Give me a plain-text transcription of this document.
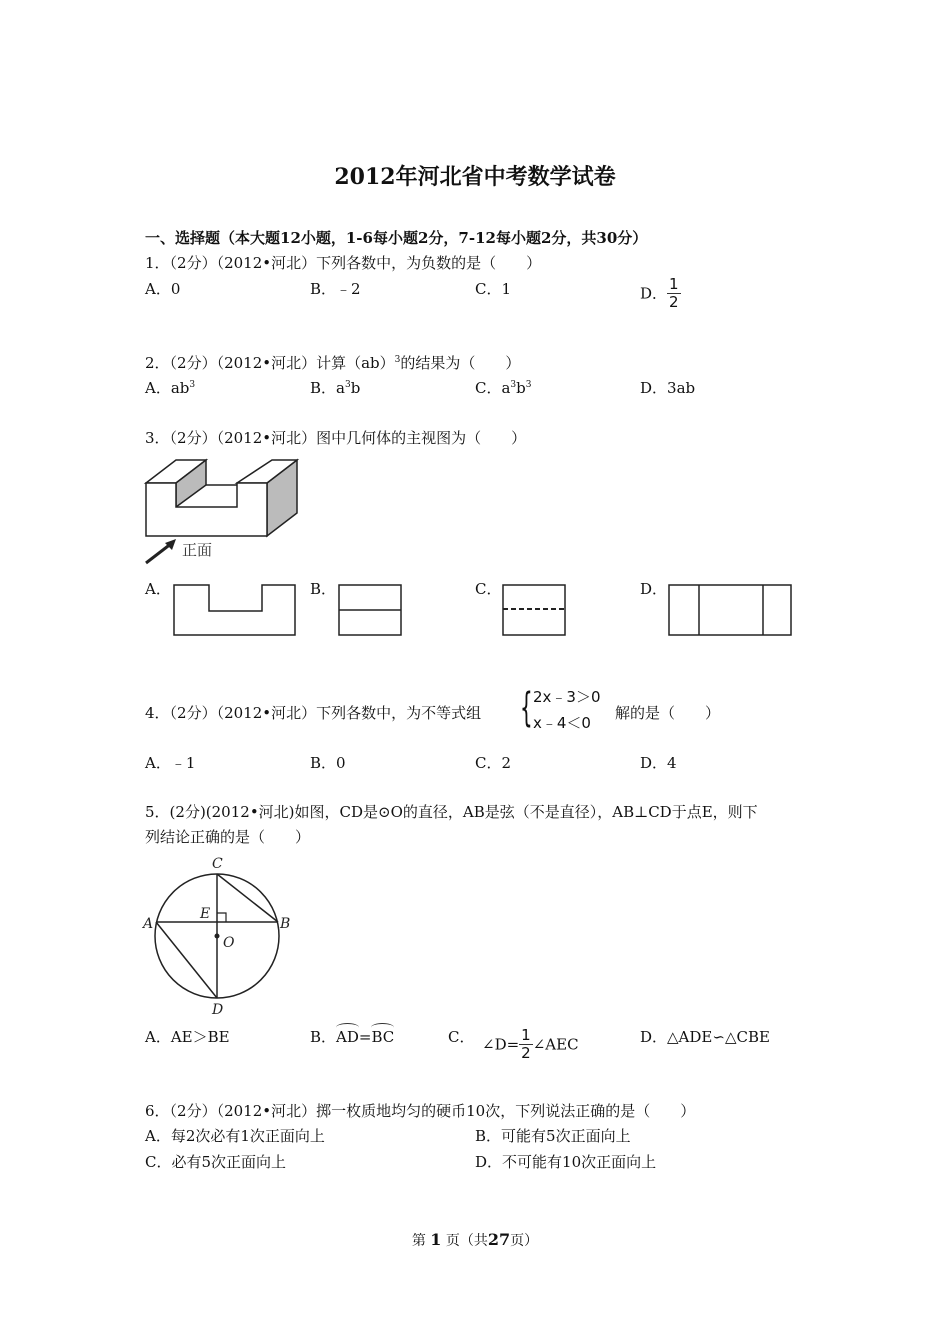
2012年河北省中考数学试卷
一、选择题（本大题12小题，1-6每小题2分，7-12每小题2分，共30分）
1．（2分）（2012•河北）下列各数中，为负数的是（　　）
A．0	B．﹣2	C．1	D． $\frac{1}{2}$
2．（2分）（2012•河北）计算（ab）$^3$的结果为（　　）
A．$ab^3$	B．$a^3b$	C．$a^3b^3$	D．3ab
3．（2分）（2012•河北）图中几何体的主视图为（　　）
正面
A．	B．	C．	D．
4．（2分）（2012•河北）下列各数中，为不等式组 { 2x﹣3＞0
x﹣4＜0
解的是（　　）
A．﹣1	B．0	C．2	D．4
5．(2分)(2012•河北)如图，CD是⊙O的直径，AB是弦（不是直径），AB⊥CD于点E，则下
列结论正确的是（　　）
C
E
A	B
O
D
A．AE＞BE	B．AD=BC	C． ∠D= $\frac{1}{2}$ ∠AEC	D．△ADE∽△CBE
6．（2分）（2012•河北）掷一枚质地均匀的硬币10次，下列说法正确的是（　　）
A．每2次必有1次正面向上	B．可能有5次正面向上
C．必有5次正面向上	D．不可能有10次正面向上
第 1 页（共27页）
